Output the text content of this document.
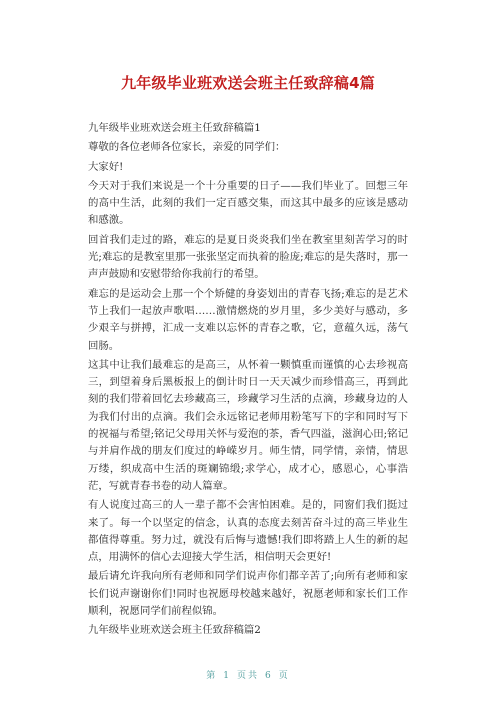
九年级毕业班欢送会班主任致辞稿4篇

九年级毕业班欢送会班主任致辞稿篇1

尊敬的各位老师各位家长，亲爱的同学们：

大家好!

今天对于我们来说是一个十分重要的日子——我们毕业了。回想三年的高中生活，此刻的我们一定百感交集，而这其中最多的应该是感动和感激。

回首我们走过的路，难忘的是夏日炎炎我们坐在教室里刻苦学习的时光;难忘的是教室里那一张张坚定而执着的脸庞;难忘的是失落时，那一声声鼓励和安慰带给你我前行的希望。

难忘的是运动会上那一个个矫健的身姿划出的青春飞扬;难忘的是艺术节上我们一起放声歌唱……激情燃烧的岁月里，多少美好与感动，多少艰辛与拼搏，汇成一支难以忘怀的青春之歌，它，意蕴久远，荡气回肠。

这其中让我们最难忘的是高三，从怀着一颗慎重而谨慎的心去珍视高三，到望着身后黑板报上的倒计时日一天天减少而珍惜高三，再到此刻的我们带着回忆去珍藏高三，珍藏学习生活的点滴，珍藏身边的人为我们付出的点滴。我们会永远铭记老师用粉笔写下的字和同时写下的祝福与希望;铭记父母用关怀与爱泡的茶，香气四溢，滋润心田;铭记与并肩作战的朋友们度过的峥嵘岁月。师生情，同学情，亲情，情思万缕，织成高中生活的斑斓锦缎;求学心，成才心，感恩心，心事浩茫，写就青春书卷的动人篇章。

有人说度过高三的人一辈子都不会害怕困难。是的，同窗们我们挺过来了。每一个以坚定的信念，认真的态度去刻苦奋斗过的高三毕业生都值得尊重。努力过，就没有后悔与遗憾!我们即将踏上人生的新的起点，用满怀的信心去迎接大学生活，相信明天会更好!

最后请允许我向所有老师和同学们说声你们都辛苦了;向所有老师和家长们说声谢谢你们!同时也祝愿母校越来越好，祝愿老师和家长们工作顺利，祝愿同学们前程似锦。

九年级毕业班欢送会班主任致辞稿篇2

第 1 页共 6 页
